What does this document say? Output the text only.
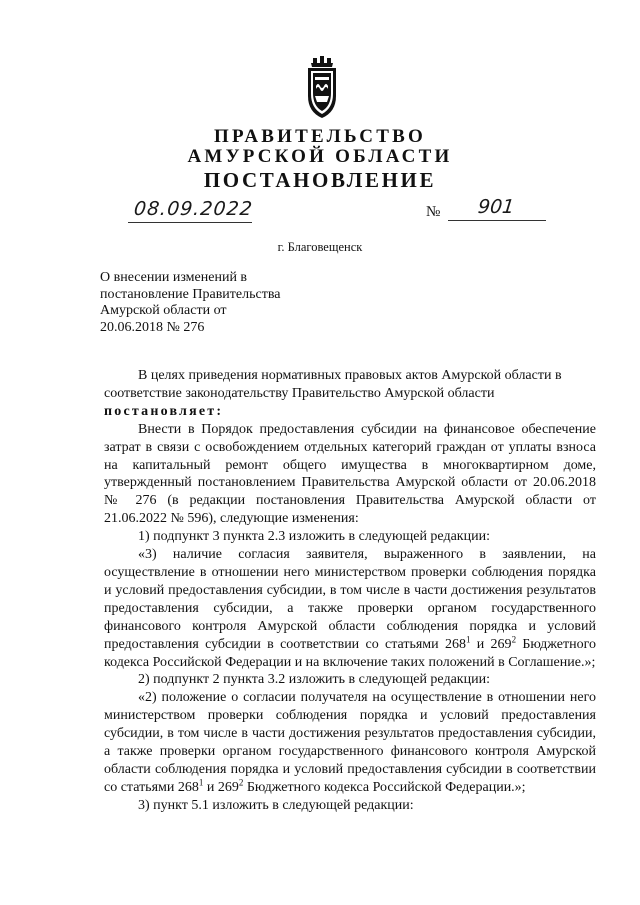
ПРАВИТЕЛЬСТВО
АМУРСКОЙ ОБЛАСТИ
ПОСТАНОВЛЕНИЕ
08.09.2022	№ 901
г. Благовещенск
О внесении изменений в
постановление Правительства
Амурской области от
20.06.2018 № 276
В целях приведения нормативных правовых актов Амурской области в
соответствие законодательству Правительство Амурской области
постановляет:
Внести в Порядок предоставления субсидии на финансовое обеспечение затрат в связи с освобождением отдельных категорий граждан от уплаты взноса на капитальный ремонт общего имущества в многоквартирном доме, утвержденный постановлением Правительства Амурской области от 20.06.2018 № 276 (в редакции постановления Правительства Амурской области от 21.06.2022 № 596), следующие изменения:
1) подпункт 3 пункта 2.3 изложить в следующей редакции:
«3) наличие согласия заявителя, выраженного в заявлении, на осуществление в отношении него министерством проверки соблюдения порядка и условий предоставления субсидии, в том числе в части достижения результатов предоставления субсидии, а также проверки органом государственного финансового контроля Амурской области соблюдения порядка и условий предоставления субсидии в соответствии со статьями $268^1$ и $269^2$ Бюджетного кодекса Российской Федерации и на включение таких положений в Соглашение.»;
2) подпункт 2 пункта 3.2 изложить в следующей редакции:
«2) положение о согласии получателя на осуществление в отношении него министерством проверки соблюдения порядка и условий предоставления субсидии, в том числе в части достижения результатов предоставления субсидии, а также проверки органом государственного финансового контроля Амурской области соблюдения порядка и условий предоставления субсидии в соответствии со статьями $268^1$ и $269^2$ Бюджетного кодекса Российской Федерации.»;
3) пункт 5.1 изложить в следующей редакции:
